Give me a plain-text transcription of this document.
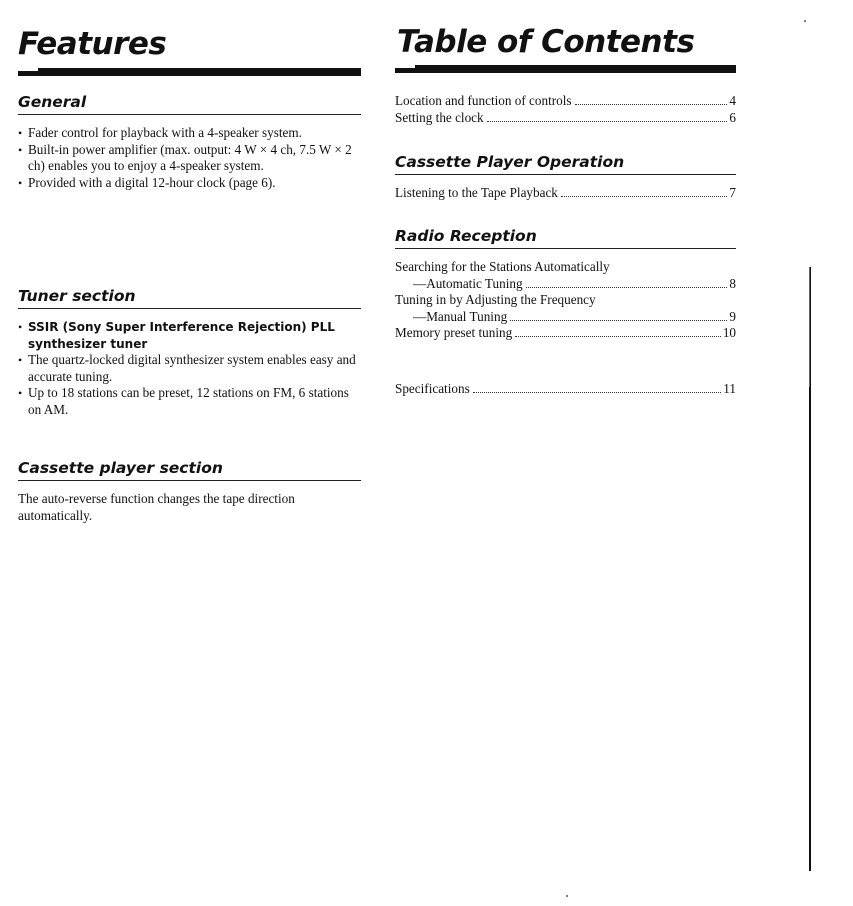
Features
General
• Fader control for playback with a 4-speaker system.
• Built-in power amplifier (max. output: 4 W × 4 ch, 7.5 W × 2 ch) enables you to enjoy a 4-speaker system.
• Provided with a digital 12-hour clock (page 6).
Tuner section
• SSIR (Sony Super Interference Rejection) PLL synthesizer tuner
• The quartz-locked digital synthesizer system enables easy and accurate tuning.
• Up to 18 stations can be preset, 12 stations on FM, 6 stations on AM.
Cassette player section

The auto-reverse function changes the tape direction automatically.

Table of Contents
Location and function of controls	4
Setting the clock	6
Cassette Player Operation
Listening to the Tape Playback	7
Radio Reception

Searching for the Stations Automatically

—Automatic Tuning	8

Tuning in by Adjusting the Frequency

—Manual Tuning	9
Memory preset tuning	10
Specifications	11
